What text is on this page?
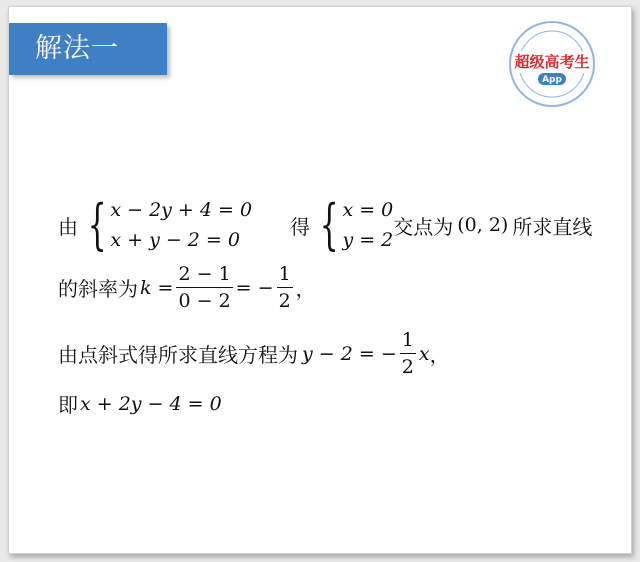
解法一	超级高考生
App
由 { x − 2y + 4 = 0
x + y − 2 = 0
得 { x = 0
y = 2
交点为 (0, 2) 所求直线
的斜率为 $k = \frac{2 - 1}{0 - 2}$ = − $\frac{1}{2}$ ，
由点斜式得所求直线方程为 y − 2 = − $\frac{1}{2}$ x ，
即 x + 2y − 4 = 0
